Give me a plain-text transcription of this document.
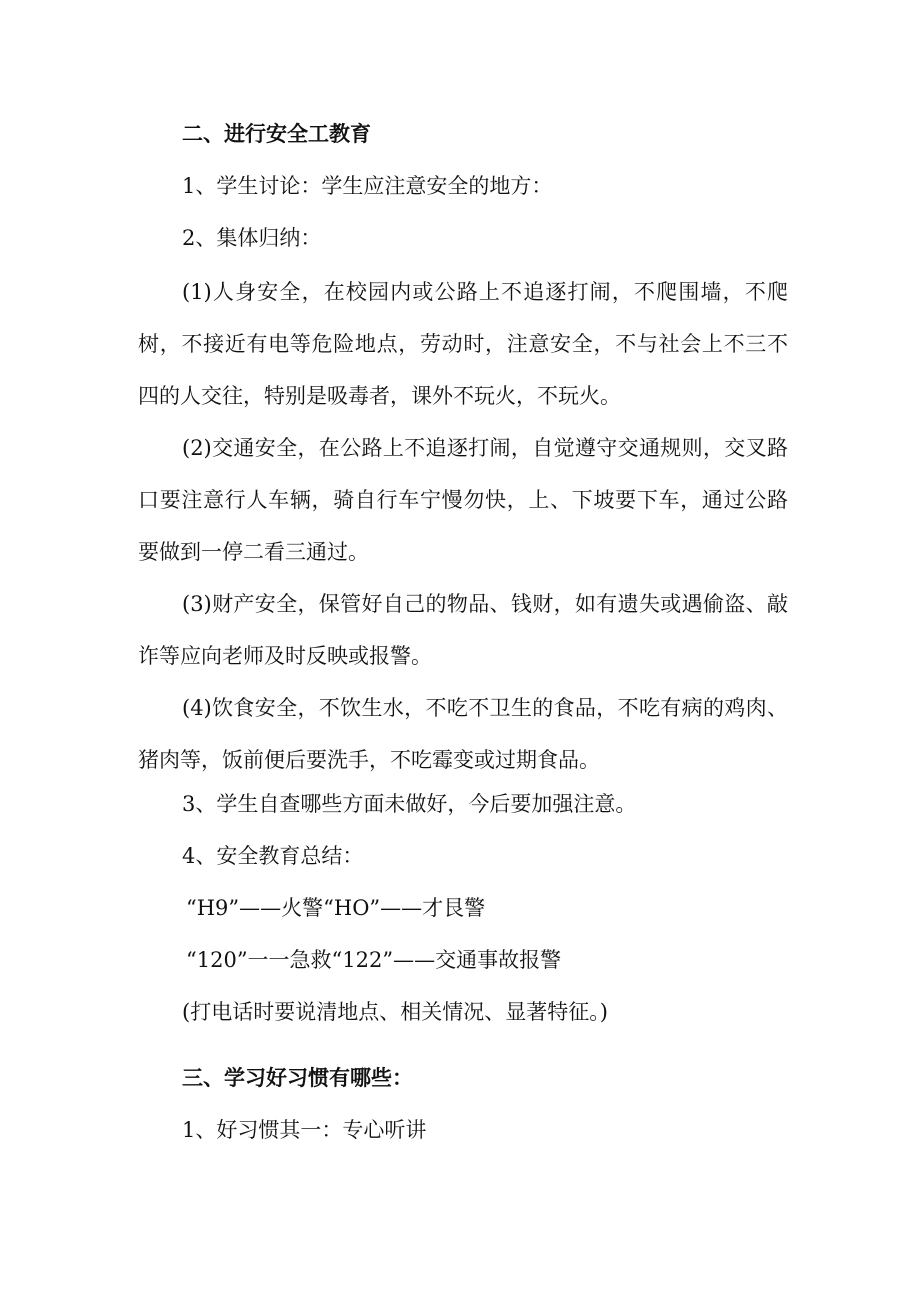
二、进行安全工教育
1、学生讨论：学生应注意安全的地方：
2、集体归纳：
(1)人身安全，在校园内或公路上不追逐打闹，不爬围墙，不爬树，不接近有电等危险地点，劳动时，注意安全，不与社会上不三不四的人交往，特别是吸毒者，课外不玩火，不玩火。
(2)交通安全，在公路上不追逐打闹，自觉遵守交通规则，交叉路口要注意行人车辆，骑自行车宁慢勿快，上、下坡要下车，通过公路要做到一停二看三通过。
(3)财产安全，保管好自己的物品、钱财，如有遗失或遇偷盗、敲诈等应向老师及时反映或报警。
(4)饮食安全，不饮生水，不吃不卫生的食品，不吃有病的鸡肉、猪肉等，饭前便后要洗手，不吃霉变或过期食品。
3、学生自查哪些方面未做好，今后要加强注意。
4、安全教育总结：
“H9”——火警“HO”——才艮警
“120”一一急救“122”——交通事故报警
(打电话时要说清地点、相关情况、显著特征。)
三、学习好习惯有哪些：
1、好习惯其一：专心听讲
